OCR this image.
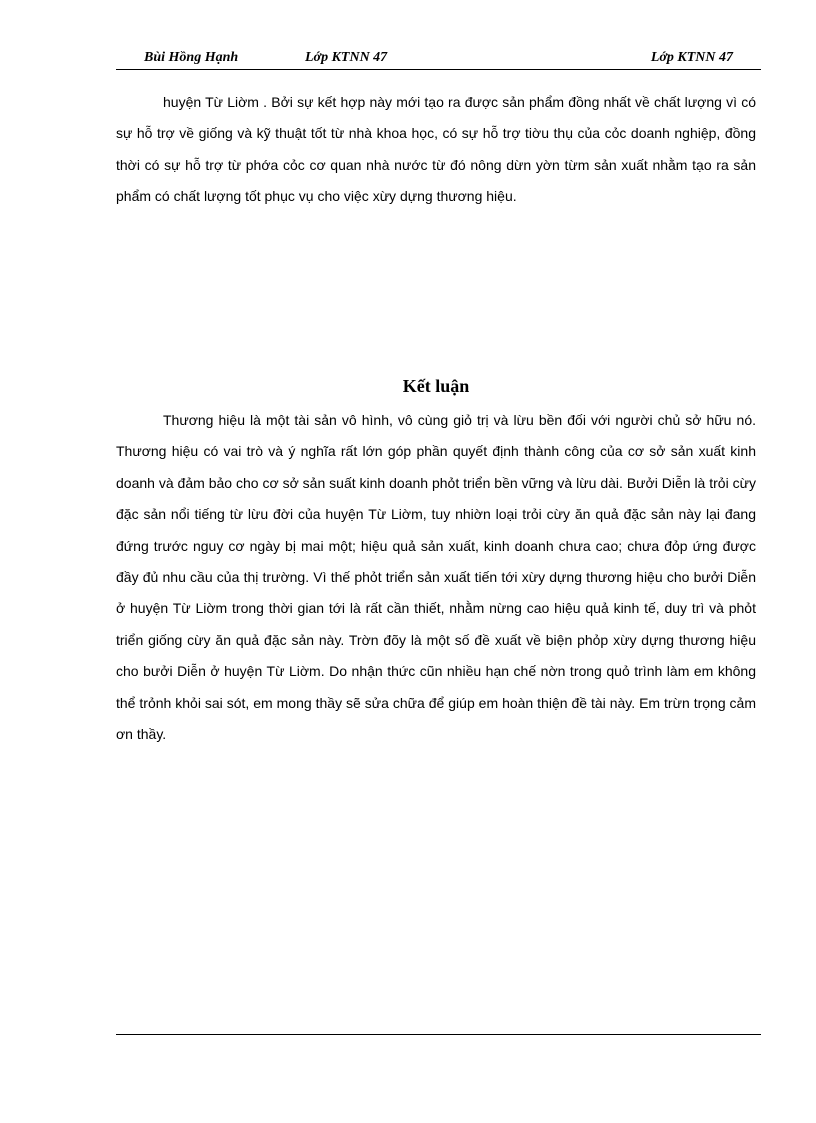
Bùi Hồng Hạnh	Lớp KTNN 47	Lớp KTNN 47

huyện Từ Liờm . Bởi sự kết hợp này mới tạo ra được sản phẩm đồng nhất về chất lượng vì có sự hỗ trợ về giống và kỹ thuật tốt từ nhà khoa học, có sự hỗ trợ tiờu thụ của cỏc doanh nghiệp, đồng thời có sự hỗ trợ từ phớa cỏc cơ quan nhà nước từ đó nông dừn yờn từm sản xuất nhằm tạo ra sản phẩm có chất lượng tốt phục vụ cho việc xừy dựng thương hiệu.

Kết luận

Thương hiệu là một tài sản vô hình, vô cùng giỏ trị và lừu bền đối với người chủ sở hữu nó. Thương hiệu có vai trò và ý nghĩa rất lớn góp phần quyết định thành công của cơ sở sản xuất kinh doanh và đảm bảo cho cơ sở sản suất kinh doanh phỏt triển bền vững và lừu dài. Bưởi Diễn là trỏi cừy đặc sản nổi tiếng từ lừu đời của huyện Từ Liờm, tuy nhiờn loại trỏi cừy ăn quả đặc sản này lại đang đứng trước nguy cơ ngày bị mai một; hiệu quả sản xuất, kinh doanh chưa cao; chưa đỏp ứng được đầy đủ nhu cầu của thị trường. Vì thế phỏt triển sản xuất tiến tới xừy dựng thương hiệu cho bưởi Diễn ở huyện Từ Liờm trong thời gian tới là rất cần thiết, nhằm nừng cao hiệu quả kinh tế, duy trì và phỏt triển giống cừy ăn quả đặc sản này. Trờn đõy là một số đề xuất về biện phỏp xừy dựng thương hiệu cho bưởi Diễn ở huyện Từ Liờm. Do nhận thức cũn nhiều hạn chế nờn trong quỏ trình làm em không thể trỏnh khỏi sai sót, em mong thầy sẽ sửa chữa để giúp em hoàn thiện đề tài này. Em trừn trọng cảm ơn thầy.
